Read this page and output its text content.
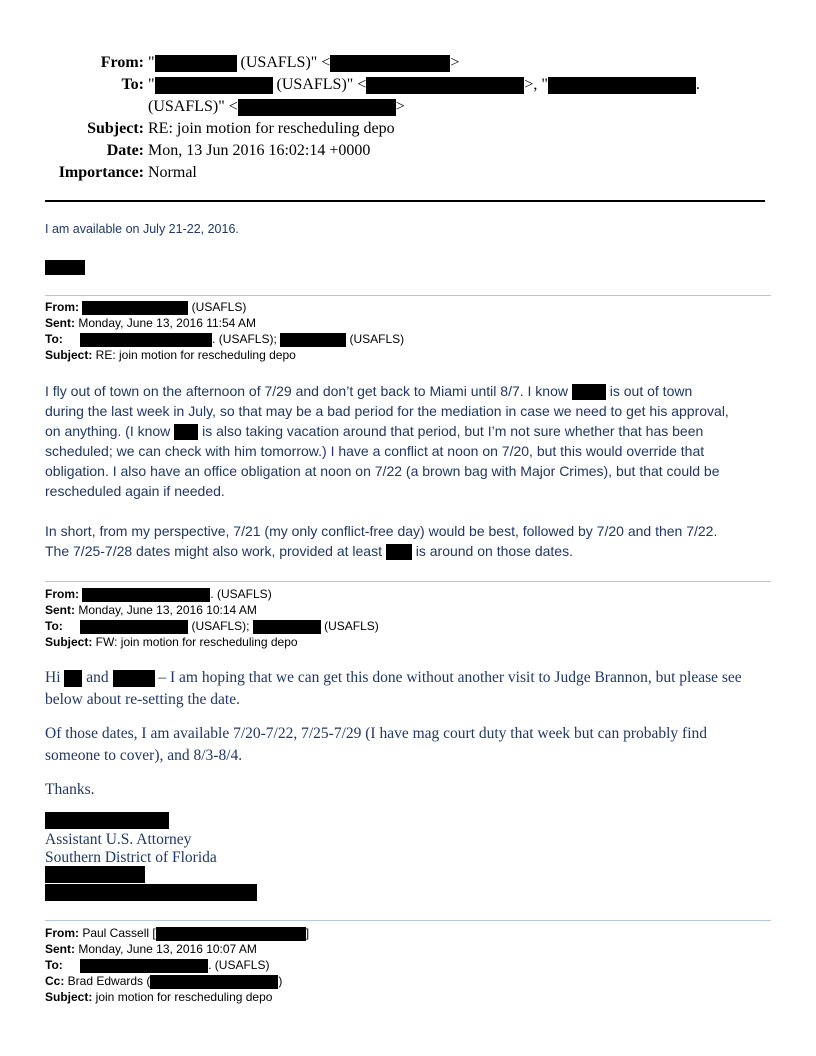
From: "	(USAFLS)" <	>
To: "	(USAFLS)" <	>, "	.
(USAFLS)" <	>
Subject: RE: join motion for rescheduling depo
Date: Mon, 13 Jun 2016 16:02:14 +0000
Importance: Normal
I am available on July 21-22, 2016.
From:	(USAFLS)
Sent: Monday, June 13, 2016 11:54 AM
To:	. (USAFLS);	(USAFLS)
Subject: RE: join motion for rescheduling depo

I fly out of town on the afternoon of 7/29 and don’t get back to Miami until 8/7. I know  is out of town

during the last week in July, so that may be a bad period for the mediation in case we need to get his approval,

on anything. (I know  is also taking vacation around that period, but I’m not sure whether that has been

scheduled; we can check with him tomorrow.) I have a conflict at noon on 7/20, but this would override that

obligation. I also have an office obligation at noon on 7/22 (a brown bag with Major Crimes), but that could be

rescheduled again if needed.

In short, from my perspective, 7/21 (my only conflict-free day) would be best, followed by 7/20 and then 7/22.

The 7/25-7/28 dates might also work, provided at least  is around on those dates.

From:	. (USAFLS)
Sent: Monday, June 13, 2016 10:14 AM
To:	(USAFLS);	(USAFLS)
Subject: FW: join motion for rescheduling depo

Hi  and	– I am hoping that we can get this done without another visit to Judge Brannon, but please see

below about re-setting the date.

Of those dates, I am available 7/20-7/22, 7/25-7/29 (I have mag court duty that week but can probably find

someone to cover), and 8/3-8/4.

Thanks.

Assistant U.S. Attorney
Southern District of Florida
From: Paul Cassell [	]
Sent: Monday, June 13, 2016 10:07 AM
To:	. (USAFLS)
Cc: Brad Edwards (	)
Subject: join motion for rescheduling depo
